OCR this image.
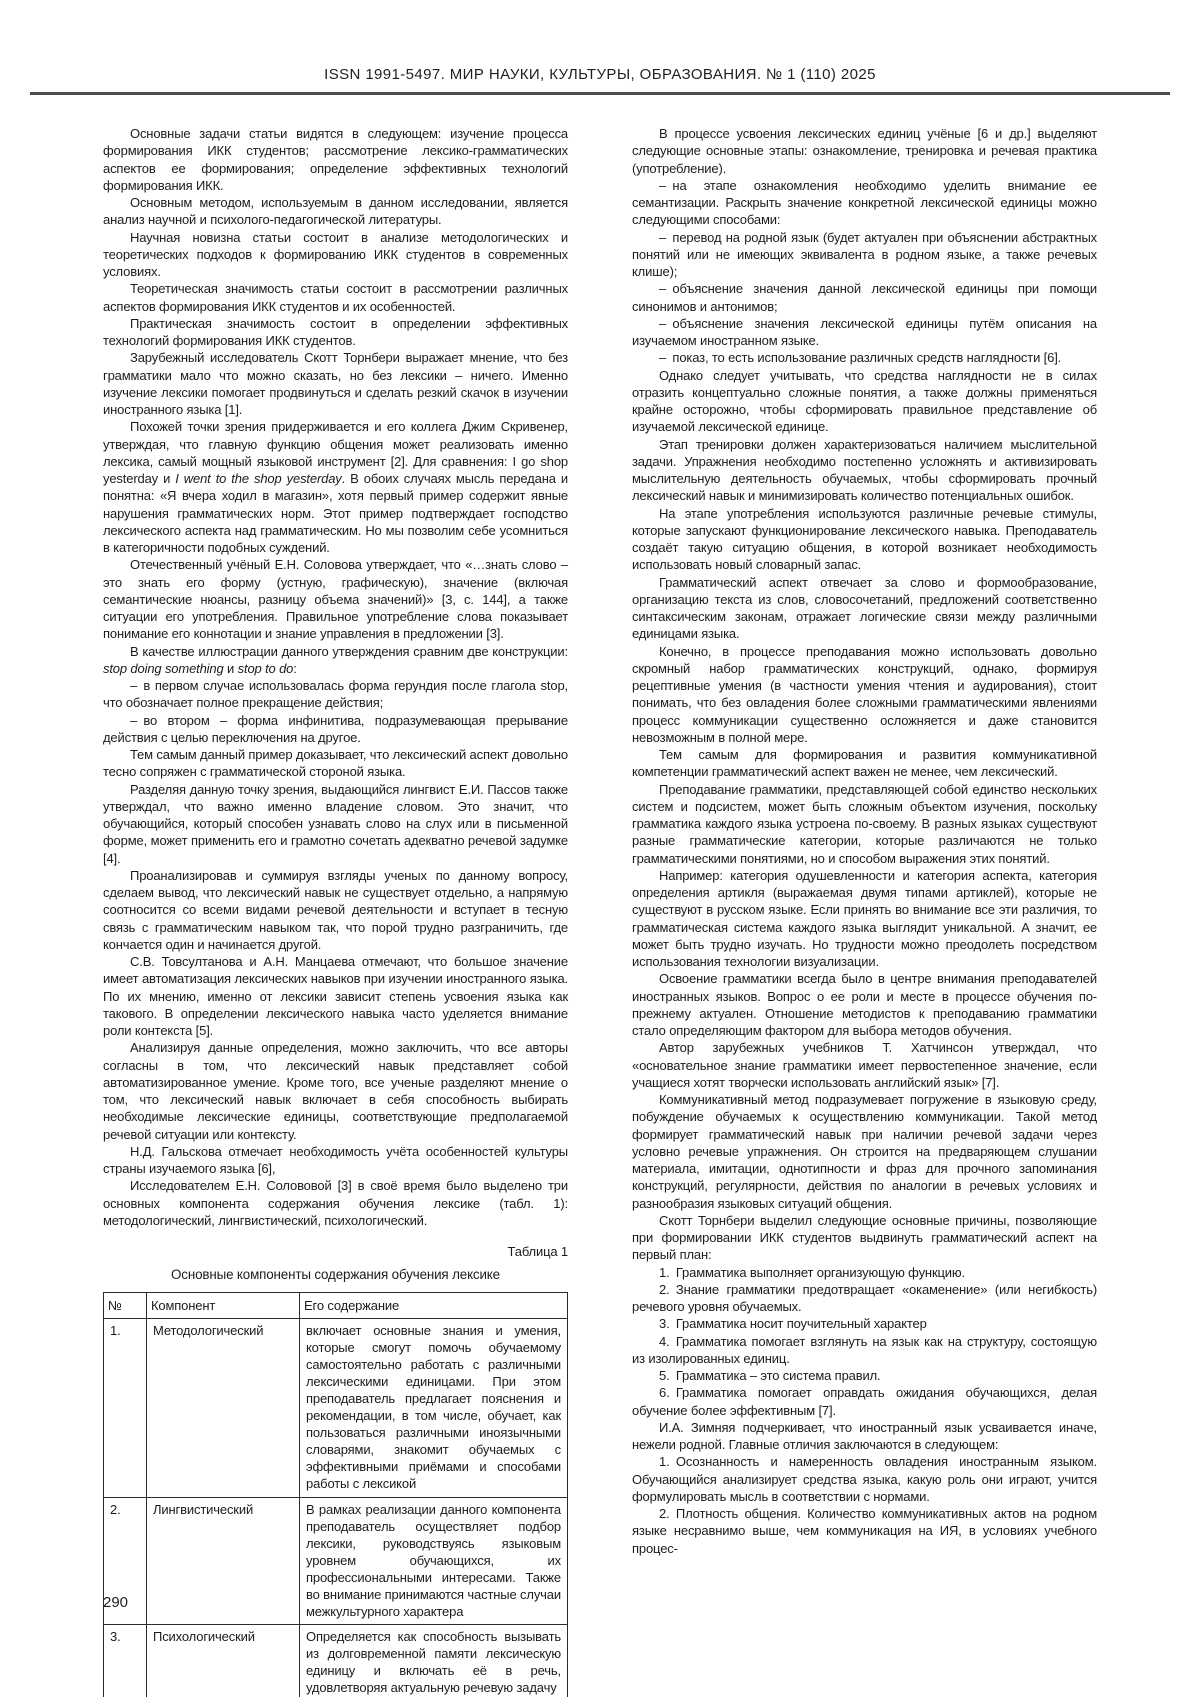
ISSN 1991-5497. МИР НАУКИ, КУЛЬТУРЫ, ОБРАЗОВАНИЯ. № 1 (110) 2025

Основные задачи статьи видятся в следующем: изучение процесса формирования ИКК студентов; рассмотрение лексико-грамматических аспектов ее формирования; определение эффективных технологий формирования ИКК.

Основным методом, используемым в данном исследовании, является анализ научной и психолого-педагогической литературы.

Научная новизна статьи состоит в анализе методологических и теоретических подходов к формированию ИКК студентов в современных условиях.

Теоретическая значимость статьи состоит в рассмотрении различных аспектов формирования ИКК студентов и их особенностей.

Практическая значимость состоит в определении эффективных технологий формирования ИКК студентов.

Зарубежный исследователь Скотт Торнбери выражает мнение, что без грамматики мало что можно сказать, но без лексики – ничего. Именно изучение лексики помогает продвинуться и сделать резкий скачок в изучении иностранного языка [1].

Похожей точки зрения придерживается и его коллега Джим Скривенер, утверждая, что главную функцию общения может реализовать именно лексика, самый мощный языковой инструмент [2]. Для сравнения: I go shop yesterday и I went to the shop yesterday. В обоих случаях мысль передана и понятна: «Я вчера ходил в магазин», хотя первый пример содержит явные нарушения грамматических норм. Этот пример подтверждает господство лексического аспекта над грамматическим. Но мы позволим себе усомниться в категоричности подобных суждений.

Отечественный учёный Е.Н. Соловова утверждает, что «…знать слово – это знать его форму (устную, графическую), значение (включая семантические нюансы, разницу объема значений)» [3, с. 144], а также ситуации его употребления. Правильное употребление слова показывает понимание его коннотации и знание управления в предложении [3].

В качестве иллюстрации данного утверждения сравним две конструкции: stop doing something и stop to do:

– в первом случае использовалась форма герундия после глагола stop, что обозначает полное прекращение действия;

– во втором – форма инфинитива, подразумевающая прерывание действия с целью переключения на другое.

Тем самым данный пример доказывает, что лексический аспект довольно тесно сопряжен с грамматической стороной языка.

Разделяя данную точку зрения, выдающийся лингвист Е.И. Пассов также утверждал, что важно именно владение словом. Это значит, что обучающийся, который способен узнавать слово на слух или в письменной форме, может применить его и грамотно сочетать адекватно речевой задумке [4].

Проанализировав и суммируя взгляды ученых по данному вопросу, сделаем вывод, что лексический навык не существует отдельно, а напрямую соотносится со всеми видами речевой деятельности и вступает в тесную связь с грамматическим навыком так, что порой трудно разграничить, где кончается один и начинается другой.

С.В. Товсултанова и А.Н. Манцаева отмечают, что большое значение имеет автоматизация лексических навыков при изучении иностранного языка. По их мнению, именно от лексики зависит степень усвоения языка как такового. В определении лексического навыка часто уделяется внимание роли контекста [5].

Анализируя данные определения, можно заключить, что все авторы согласны в том, что лексический навык представляет собой автоматизированное умение. Кроме того, все ученые разделяют мнение о том, что лексический навык включает в себя способность выбирать необходимые лексические единицы, соответствующие предполагаемой речевой ситуации или контексту.

Н.Д. Гальскова отмечает необходимость учёта особенностей культуры страны изучаемого языка [6],

Исследователем Е.Н. Солововой [3] в своё время было выделено три основных компонента содержания обучения лексике (табл. 1): методологический, лингвистический, психологический.

Таблица 1
Основные компоненты содержания обучения лексике
№	Компонент	Его содержание
1.	Методологический	включает основные знания и умения, которые смогут помочь обучаемому самостоятельно работать с различными лексическими единицами. При этом преподаватель предлагает пояснения и рекомендации, в том числе, обучает, как пользоваться различными иноязычными словарями, знакомит обучаемых с эффективными приёмами и способами работы с лексикой
2.	Лингвистический	В рамках реализации данного компонента преподаватель осуществляет подбор лексики, руководствуясь языковым уровнем обучающихся, их профессиональными интересами. Также во внимание принимаются частные случаи межкультурного характера
3.	Психологический	Определяется как способность вызывать из долговременной памяти лексическую единицу и включать её в речь, удовлетворяя актуальную речевую задачу

В процессе усвоения лексических единиц учёные [6 и др.] выделяют следующие основные этапы: ознакомление, тренировка и речевая практика (употребление).

– на этапе ознакомления необходимо уделить внимание ее семантизации. Раскрыть значение конкретной лексической единицы можно следующими способами:

– перевод на родной язык (будет актуален при объяснении абстрактных понятий или не имеющих эквивалента в родном языке, а также речевых клише);

– объяснение значения данной лексической единицы при помощи синонимов и антонимов;

– объяснение значения лексической единицы путём описания на изучаемом иностранном языке.

– показ, то есть использование различных средств наглядности [6].

Однако следует учитывать, что средства наглядности не в силах отразить концептуально сложные понятия, а также должны применяться крайне осторожно, чтобы сформировать правильное представление об изучаемой лексической единице.

Этап тренировки должен характеризоваться наличием мыслительной задачи. Упражнения необходимо постепенно усложнять и активизировать мыслительную деятельность обучаемых, чтобы сформировать прочный лексический навык и минимизировать количество потенциальных ошибок.

На этапе употребления используются различные речевые стимулы, которые запускают функционирование лексического навыка. Преподаватель создаёт такую ситуацию общения, в которой возникает необходимость использовать новый словарный запас.

Грамматический аспект отвечает за слово и формообразование, организацию текста из слов, словосочетаний, предложений соответственно синтаксическим законам, отражает логические связи между различными единицами языка.

Конечно, в процессе преподавания можно использовать довольно скромный набор грамматических конструкций, однако, формируя рецептивные умения (в частности умения чтения и аудирования), стоит понимать, что без овладения более сложными грамматическими явлениями процесс коммуникации существенно осложняется и даже становится невозможным в полной мере.

Тем самым для формирования и развития коммуникативной компетенции грамматический аспект важен не менее, чем лексический.

Преподавание грамматики, представляющей собой единство нескольких систем и подсистем, может быть сложным объектом изучения, поскольку грамматика каждого языка устроена по-своему. В разных языках существуют разные грамматические категории, которые различаются не только грамматическими понятиями, но и способом выражения этих понятий.

Например: категория одушевленности и категория аспекта, категория определения артикля (выражаемая двумя типами артиклей), которые не существуют в русском языке. Если принять во внимание все эти различия, то грамматическая система каждого языка выглядит уникальной. А значит, ее может быть трудно изучать. Но трудности можно преодолеть посредством использования технологии визуализации.

Освоение грамматики всегда было в центре внимания преподавателей иностранных языков. Вопрос о ее роли и месте в процессе обучения по-прежнему актуален. Отношение методистов к преподаванию грамматики стало определяющим фактором для выбора методов обучения.

Автор зарубежных учебников Т. Хатчинсон утверждал, что «основательное знание грамматики имеет первостепенное значение, если учащиеся хотят творчески использовать английский язык» [7].

Коммуникативный метод подразумевает погружение в языковую среду, побуждение обучаемых к осуществлению коммуникации. Такой метод формирует грамматический навык при наличии речевой задачи через условно речевые упражнения. Он строится на предваряющем слушании материала, имитации, однотипности и фраз для прочного запоминания конструкций, регулярности, действия по аналогии в речевых условиях и разнообразия языковых ситуаций общения.

Скотт Торнбери выделил следующие основные причины, позволяющие при формировании ИКК студентов выдвинуть грамматический аспект на первый план:

1. Грамматика выполняет организующую функцию.

2. Знание грамматики предотвращает «окаменение» (или негибкость) речевого уровня обучаемых.

3. Грамматика носит поучительный характер

4. Грамматика помогает взглянуть на язык как на структуру, состоящую из изолированных единиц.

5. Грамматика – это система правил.

6. Грамматика помогает оправдать ожидания обучающихся, делая обучение более эффективным [7].

И.А. Зимняя подчеркивает, что иностранный язык усваивается иначе, нежели родной. Главные отличия заключаются в следующем:

1. Осознанность и намеренность овладения иностранным языком. Обучающийся анализирует средства языка, какую роль они играют, учится формулировать мысль в соответствии с нормами.

2. Плотность общения. Количество коммуникативных актов на родном языке несравнимо выше, чем коммуникация на ИЯ, в условиях учебного процес-

290
